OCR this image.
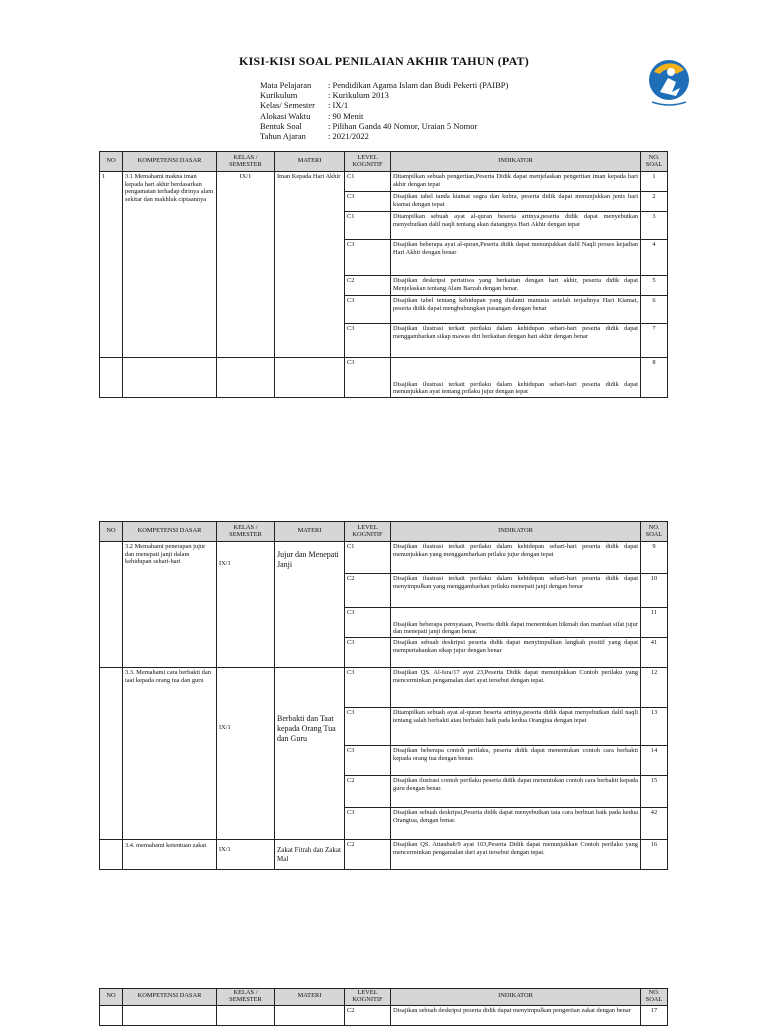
KISI-KISI SOAL PENILAIAN AKHIR TAHUN (PAT)
Mata Pelajaran	: Pendidikan Agama Islam dan Budi Pekerti (PAIBP)
Kurikulum	: Kurikulum 2013
Kelas/ Semester	: IX/1
Alokasi Waktu	: 90 Menit
Bentuk Soal	: Pilihan Ganda 40 Nomor, Uraian 5 Nomor
Tahun Ajaran	: 2021/2022
NO	KOMPETENSI DASAR	KELAS / SEMESTER	MATERI	LEVEL KOGNITIF	INDIKATOR	NO. SOAL
1	3.1 Memahami makna iman kepada hari akhir berdasarkan pengamatan terhadap dirinya alam sekitar dan makhluk ciptaannya	IX/1	Iman Kepada Hari Akhir	C1	Ditampilkan sebuah pengertian,Peserta Didik dapat menjelaskan pengertian iman kepada hari akhir dengan tepat	1
				C3	Disajikan tabel tanda kiamat sugra dan kubra, peserta didik dapat menunjukkan jenis hari kiamat dengan tepat	2
				C1	Ditampilkan sebuah ayat al-quran beserta artinya,peserta didik dapat menyebutkan menyebutkan dalil naqli tentang akan datangnya Hari Akhir dengan tepat	3
				C3	Disajikan beberapa ayat al-quran,Peserta didik dapat menunjukkan dalil Naqli proses kejadian Hari Akhir dengan benar	4
				C2	Disajikan deskripsi peristiwa yang berkaitan dengan hari akhir, peserta didik dapat Menjelaskan tentang Alam Barzah dengan benar.	5
				C3	Disajikan tabel tentang kehidupan yang dialami manusia setelah terjadinya Hari Kiamat, peserta didik dapat menghubungkan pasangan dengan benar	6
				C3	Disajikan ilustrasi terkait perilaku dalam kehidupan sehari-hari peserta didik dapat menggambarkan sikap mawas diri berkaitan dengan hari akhir dengan benar	7
				C3	Disajikan ilustrasi terkait perilaku dalam kehidupan sehari-hari peserta didik dapat menunjukkan ayat tentang prilaku jujur dengan tepat	8
NO	KOMPETENSI DASAR	KELAS / SEMESTER	MATERI	LEVEL KOGNITIF	INDIKATOR	NO. SOAL
	3.2 Memahami penerapan jujur dan menepati janji dalam kehidupan sehari-hari	IX/1	Jujur dan Menepati Janji	C1	Disajikan ilustrasi terkait perilaku dalam kehidupan sehari-hari peserta didik dapat menunjukkan yang menggambarkan prilaku jujur dengan tepat	9
				C2	Disajikan ilustrasi terkait perilaku dalam kehidupan sehari-hari peserta didik dapat menyimpulkan yang menggambarkan prilaku menepati janji dengan benar	10
				C3	Disajikan beberapa pernyataan, Peserta didik dapat menentukan hikmah dan manfaat sifat jujur dan menepati janji dengan benar.	11
				C3	Disajikan sebuah deskripsi peserta didik dapat menyimpulkan langkah positif yang dapat mempertahankan sikap jujur dengan benar	41
	3.3. Memahami cara berbakti dan taat kepada orang tua dan guru	IX/1	Berbakti dan Taat kepada Orang Tua dan Guru	C3	Disajikan QS. Al-Isra/17 ayat 23,Peserta Didik dapat menunjukkan Contoh perilaku yang mencerminkan pengamalan dari ayat tersebut dengan tepat.	12
				C3	Ditampilkan sebuah ayat al-quran beserta artinya,peserta didik dapat menyebutkan dalil naqli tentang salah berbakti atau berbakti baik pada kedua Orangtua dengan tepat	13
				C3	Disajikan beberapa contoh perilaku, peserta didik dapat menentukan contoh cara berbakti kepada orang tua dengan benar.	14
				C2	Disajikan ilustrasi contoh perilaku peserta didik dapat menentukan contoh cara berbakti kepada guru dengan benar.	15
				C3	Disajikan sebuah deskripsi,Peserta didik dapat menyebutkan tata cara berbuat baik pada kedua Orangtua, dengan benar.	42
	3.4. memahami ketentuan zakat	IX/1	Zakat Fitrah dan Zakat Mal	C2	Disajikan QS. Attaubah/9 ayat 103,Peserta Didik dapat menunjukkan Contoh perilaku yang mencerminkan pengamalan dari ayat tersebut dengan tepat.	16
NO	KOMPETENSI DASAR	KELAS / SEMESTER	MATERI	LEVEL KOGNITIF	INDIKATOR	NO. SOAL
				C2	Disajikan sebuah deskripsi peserta didik dapat menyimpulkan pengertian zakat dengan benar	17
